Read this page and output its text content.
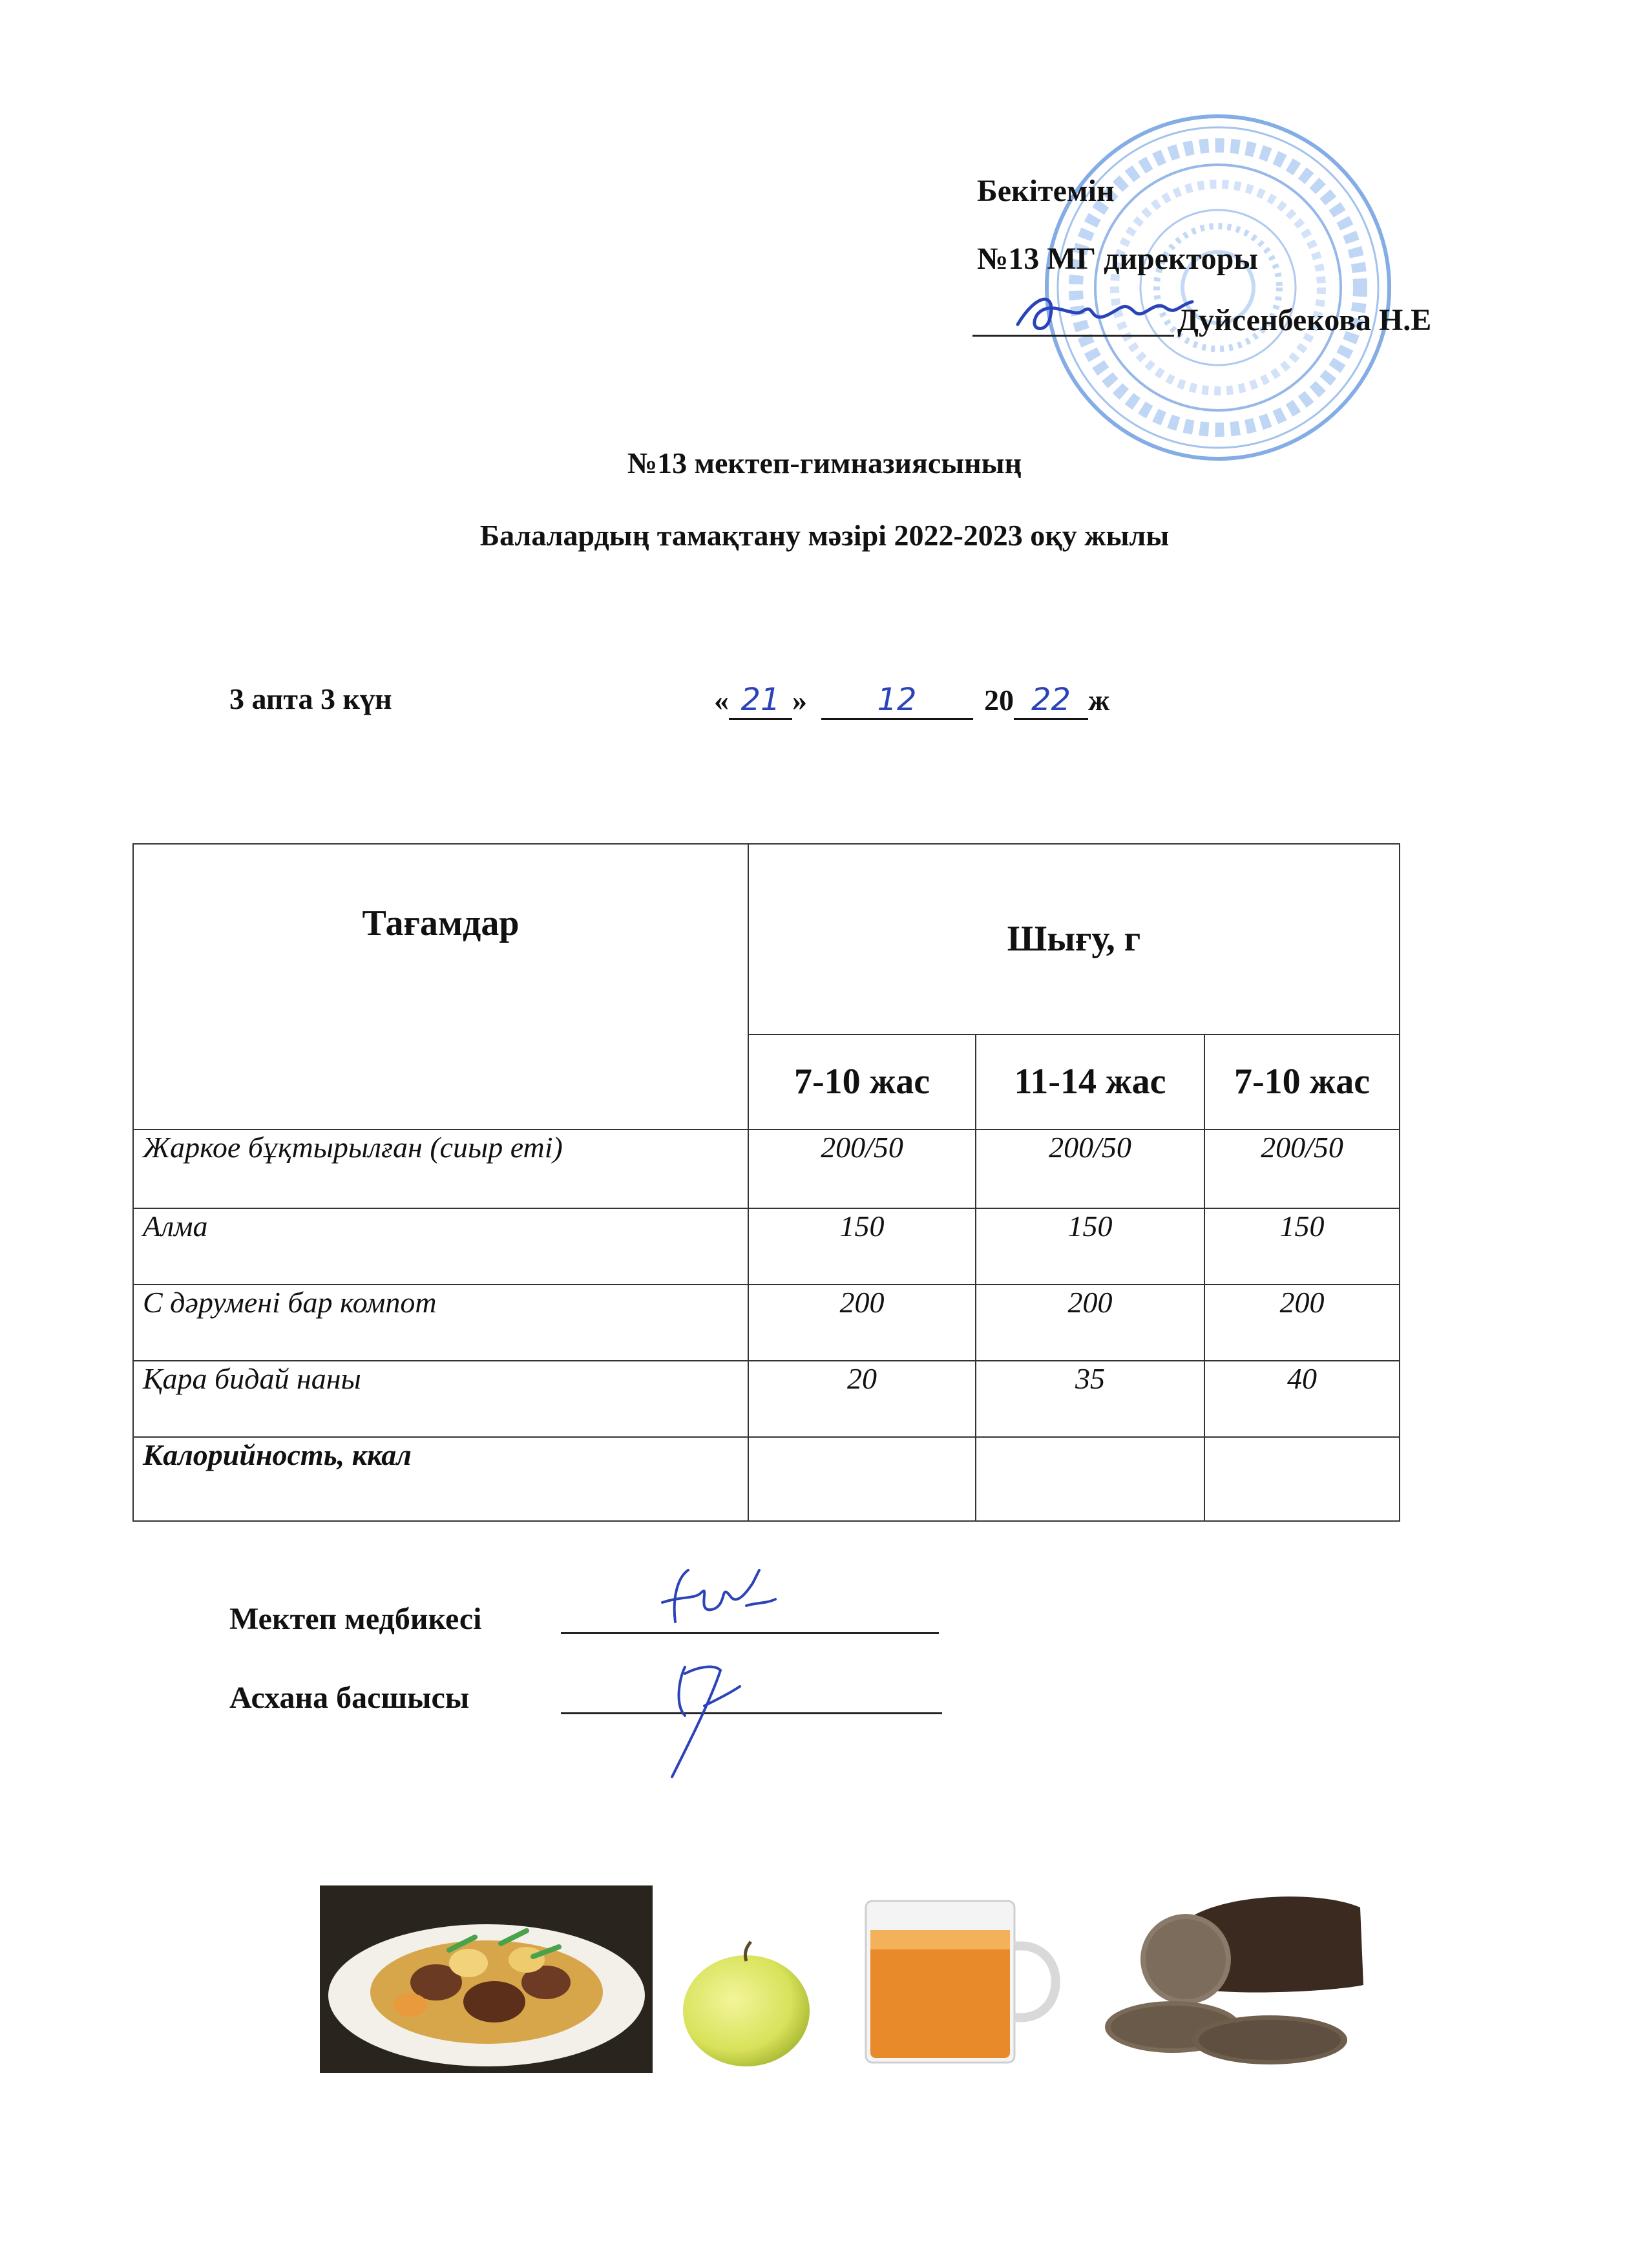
Бекітемін
№13 МГ директоры
Дуйсенбекова Н.Е
№13 мектеп-гимназиясының
Балалардың тамақтану мәзірі 2022-2023 оқу жылы
3 апта 3 күн	« 21 » 12 20 22 ж
Тағамдар	Шығу, г		
	7-10 жас	11-14 жас	7-10 жас
Жаркое бұқтырылған (сиыр еті)	200/50	200/50	200/50
Алма	150	150	150
С дәрумені бар компот	200	200	200
Қара бидай наны	20	35	40
Калорийность, ккал			
Мектеп медбикесі
Асхана басшысы
